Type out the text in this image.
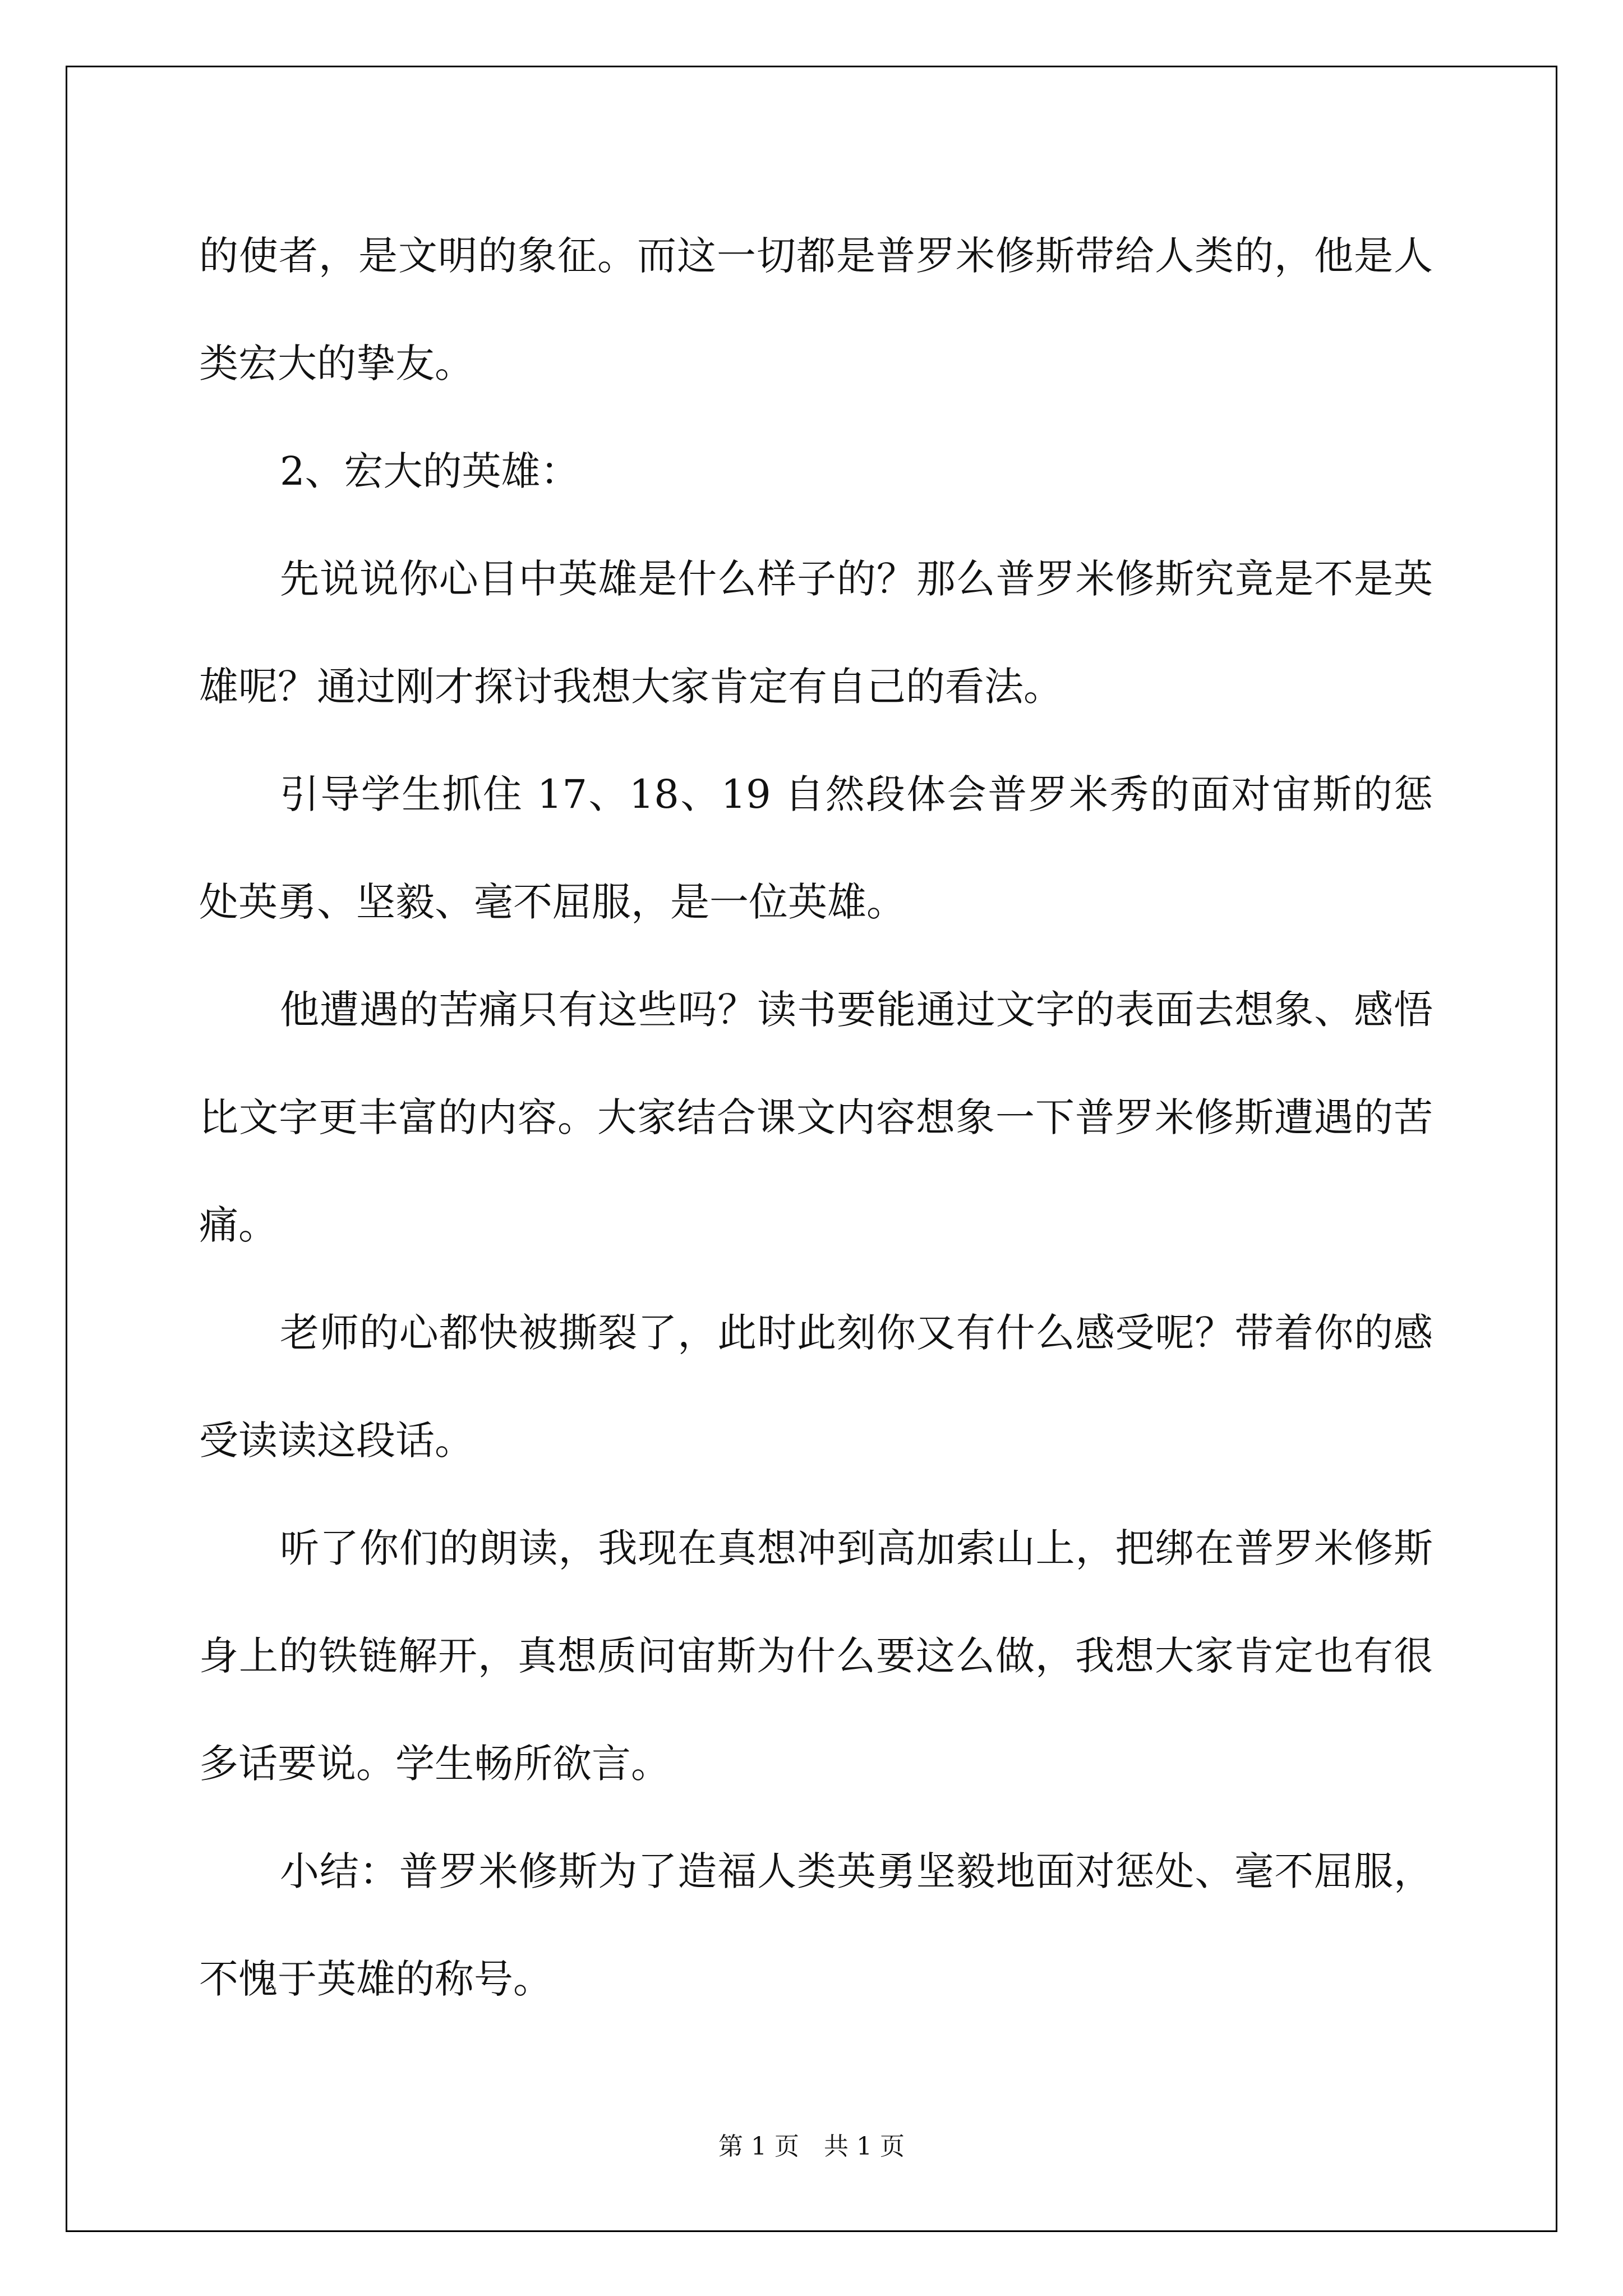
的使者，是文明的象征。而这一切都是普罗米修斯带给人类的，他是人类宏大的挚友。

2、宏大的英雄：

先说说你心目中英雄是什么样子的？那么普罗米修斯究竟是不是英雄呢？通过刚才探讨我想大家肯定有自己的看法。

引导学生抓住 17、18、19 自然段体会普罗米秀的面对宙斯的惩处英勇、坚毅、毫不屈服，是一位英雄。

他遭遇的苦痛只有这些吗？读书要能通过文字的表面去想象、感悟比文字更丰富的内容。大家结合课文内容想象一下普罗米修斯遭遇的苦痛。

老师的心都快被撕裂了，此时此刻你又有什么感受呢？带着你的感受读读这段话。

听了你们的朗读，我现在真想冲到高加索山上，把绑在普罗米修斯身上的铁链解开，真想质问宙斯为什么要这么做，我想大家肯定也有很多话要说。学生畅所欲言。

小结：普罗米修斯为了造福人类英勇坚毅地面对惩处、毫不屈服，不愧于英雄的称号。

第 1 页　共 1 页
